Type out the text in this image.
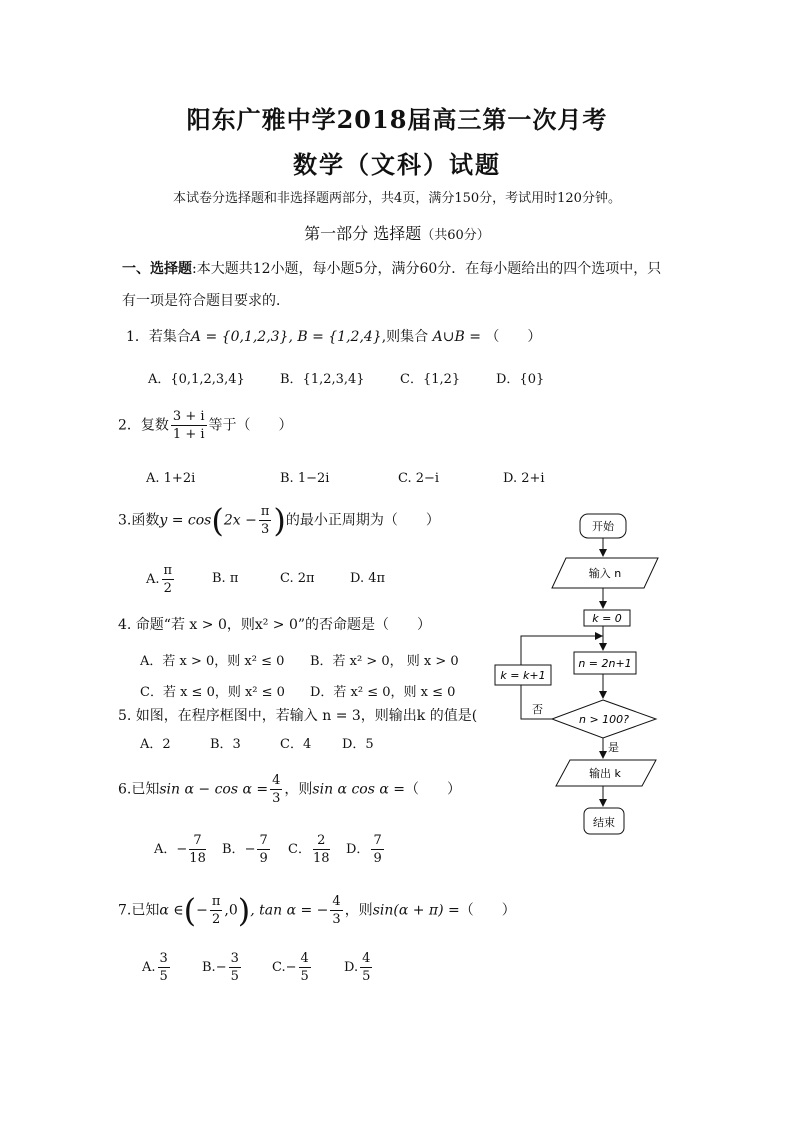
阳东广雅中学2018届高三第一次月考
数学（文科）试题
本试卷分选择题和非选择题两部分，共4页，满分150分，考试用时120分钟。
第一部分 选择题（共60分）
一、选择题:本大题共12小题，每小题5分，满分60分．在每小题给出的四个选项中，只
有一项是符合题目要求的．
1．若集合A = {0,1,2,3}, B = {1,2,4},则集合 A∪B = （　　）
A．{0,1,2,3,4}	B．{1,2,3,4}	C．{1,2}	D．{0}
2．复数 $\frac{3 + i}{1 + i}$ 等于（　　）
A. 1+2i	B. 1−2i	C. 2−i	D. 2+i
3.函数$y = \cos(2x - \frac{\pi}{3}$ )的最小正周期为（　　）
A. $\frac{\pi}{2}$	B. π	C. 2π	D. 4π
4. 命题“若 x > 0，则x² > 0”的否命题是（　　）
A．若 x > 0，则 x² ≤ 0 B．若 x² > 0， 则 x > 0
C．若 x ≤ 0，则 x² ≤ 0 D．若 x² ≤ 0，则 x ≤ 0
5. 如图，在程序框图中，若输入 n = 3，则输出k 的值是(
A．2	B．3	C．4 D．5
6.已知$\sin \alpha - \cos \alpha = \frac{4}{3}$ ，则sin α cos α =（　　）
A．− $\frac{7}{18}$ B．− $\frac{7}{9}$ C． $\frac{2}{18}$ D． $\frac{7}{9}$
7.已知α ∈(− $\frac{\pi}{2} ,0$), tan α = − $\frac{4}{3}$ ，则sin(α + π) =（　　）
A. $\frac{3}{5} B.- \frac{3}{5} C.- \frac{4}{5}$	D. $\frac{4}{5}$
开始
输入 n
k = 0
n = 2n+1
k = k+1
n > 100?
否
是
输出 k
结束
